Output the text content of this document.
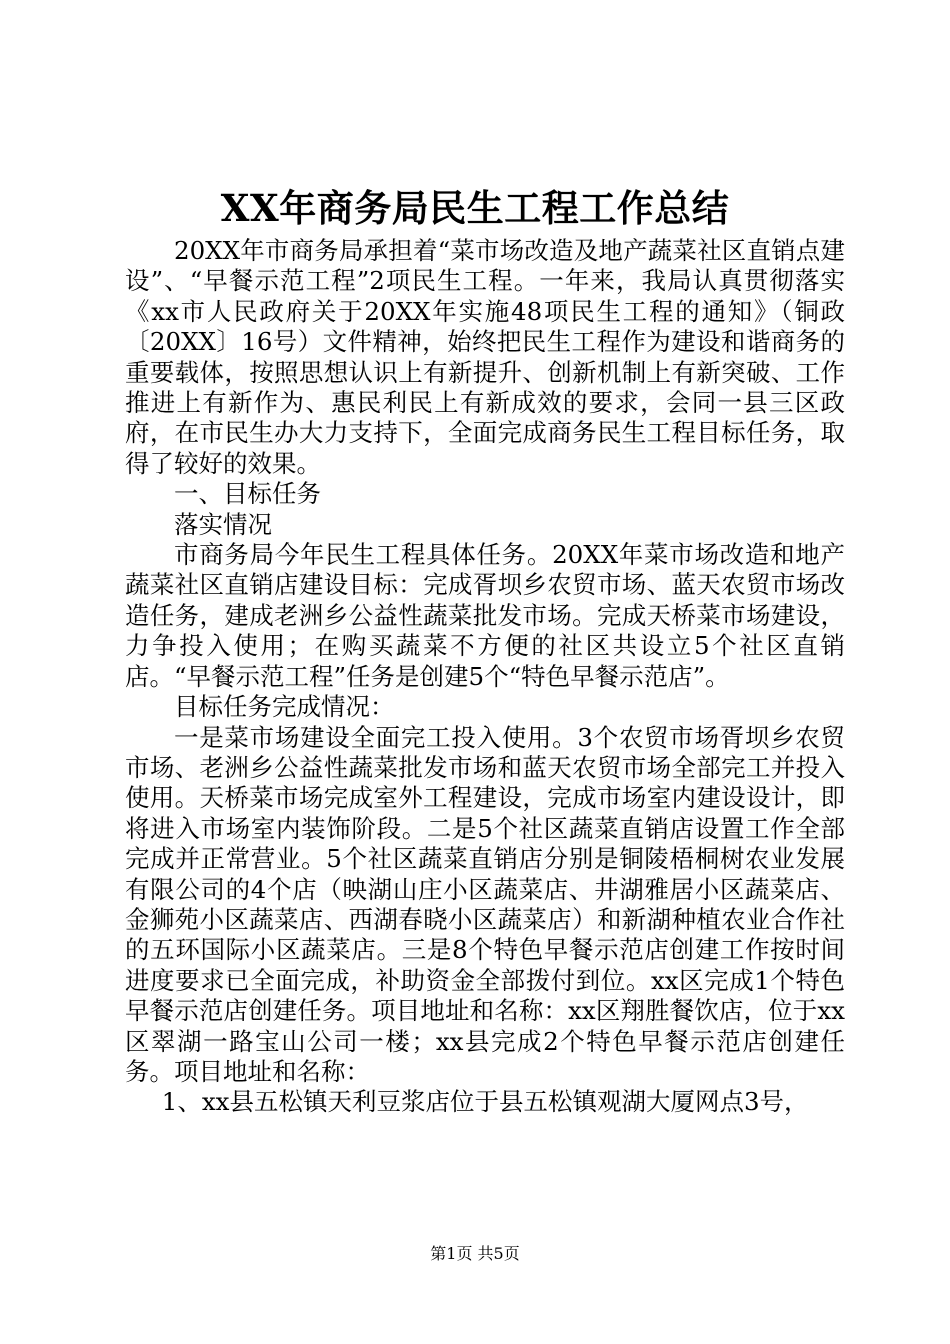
XX年商务局民生工程工作总结

20XX年市商务局承担着“菜市场改造及地产蔬菜社区直销点建设”、“早餐示范工程”2项民生工程。一年来，我局认真贯彻落实《xx市人民政府关于20XX年实施48项民生工程的通知》（铜政〔20XX〕16号）文件精神，始终把民生工程作为建设和谐商务的重要载体，按照思想认识上有新提升、创新机制上有新突破、工作推进上有新作为、惠民利民上有新成效的要求，会同一县三区政府，在市民生办大力支持下，全面完成商务民生工程目标任务，取得了较好的效果。

一、目标任务

落实情况

市商务局今年民生工程具体任务。20XX年菜市场改造和地产蔬菜社区直销店建设目标：完成胥坝乡农贸市场、蓝天农贸市场改造任务，建成老洲乡公益性蔬菜批发市场。完成天桥菜市场建设，力争投入使用；在购买蔬菜不方便的社区共设立5个社区直销店。“早餐示范工程”任务是创建5个“特色早餐示范店”。

目标任务完成情况：

一是菜市场建设全面完工投入使用。3个农贸市场胥坝乡农贸市场、老洲乡公益性蔬菜批发市场和蓝天农贸市场全部完工并投入使用。天桥菜市场完成室外工程建设，完成市场室内建设设计，即将进入市场室内装饰阶段。二是5个社区蔬菜直销店设置工作全部完成并正常营业。5个社区蔬菜直销店分别是铜陵梧桐树农业发展有限公司的4个店（映湖山庄小区蔬菜店、井湖雅居小区蔬菜店、金狮苑小区蔬菜店、西湖春晓小区蔬菜店）和新湖种植农业合作社的五环国际小区蔬菜店。三是8个特色早餐示范店创建工作按时间进度要求已全面完成，补助资金全部拨付到位。xx区完成1个特色早餐示范店创建任务。项目地址和名称：xx区翔胜餐饮店，位于xx区翠湖一路宝山公司一楼；xx县完成2个特色早餐示范店创建任务。项目地址和名称：

1、xx县五松镇天利豆浆店位于县五松镇观湖大厦网点3号，

第1页 共5页
